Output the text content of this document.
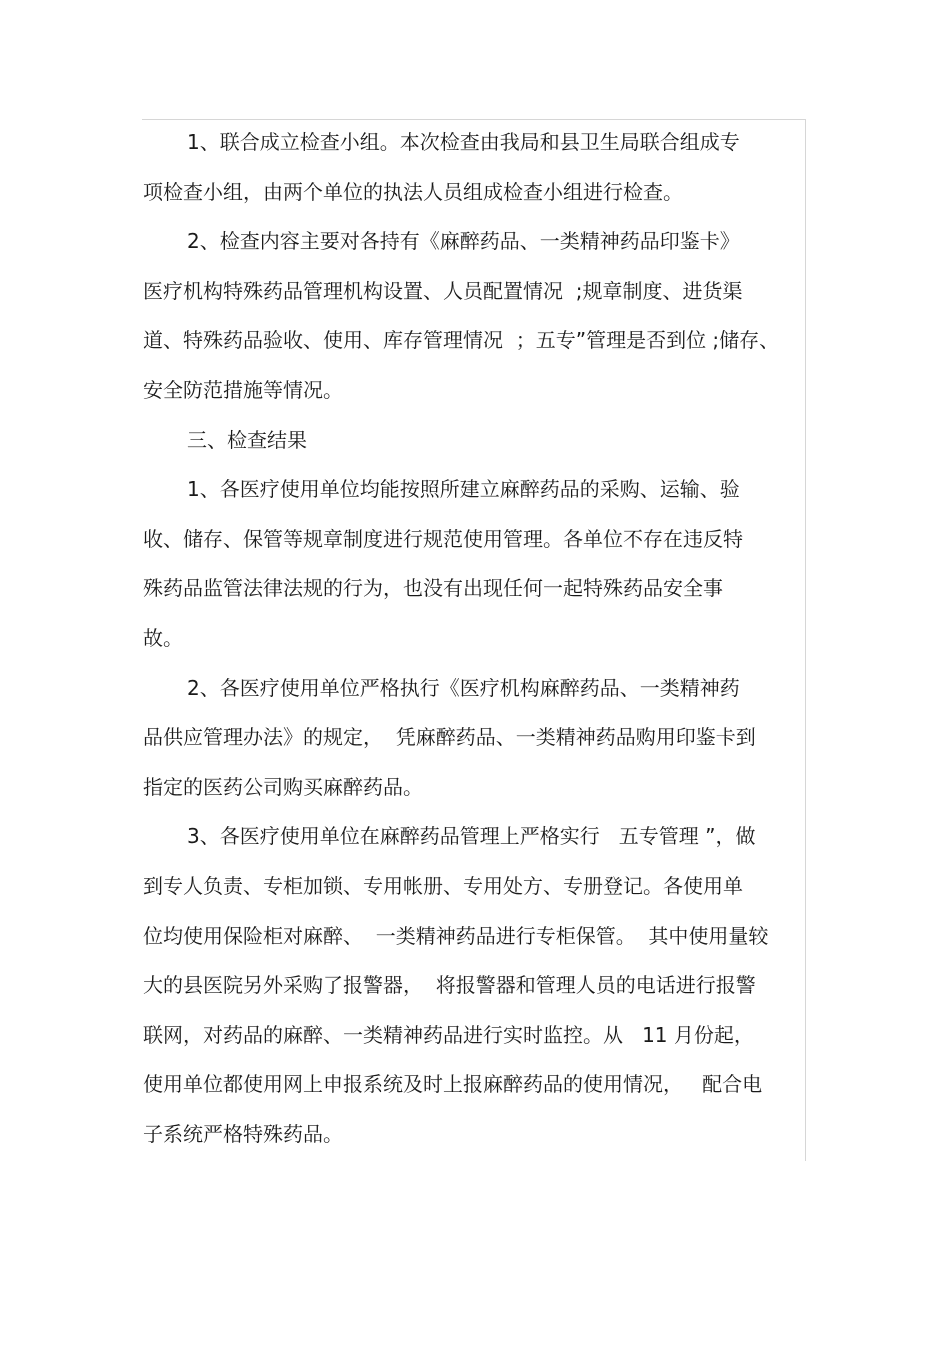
1、联合成立检查小组。本次检查由我局和县卫生局联合组成专
项检查小组，由两个单位的执法人员组成检查小组进行检查。
2、检查内容主要对各持有《麻醉药品、一类精神药品印鉴卡》
医疗机构特殊药品管理机构设置、人员配置情况  ;规章制度、进货渠
道、特殊药品验收、使用、库存管理情况  ；五专”管理是否到位 ;储存、
安全防范措施等情况。
三、检查结果
1、各医疗使用单位均能按照所建立麻醉药品的采购、运输、验
收、储存、保管等规章制度进行规范使用管理。各单位不存在违反特
殊药品监管法律法规的行为，也没有出现任何一起特殊药品安全事
故。
2、各医疗使用单位严格执行《医疗机构麻醉药品、一类精神药
品供应管理办法》的规定，  凭麻醉药品、一类精神药品购用印鉴卡到
指定的医药公司购买麻醉药品。
3、各医疗使用单位在麻醉药品管理上严格实行   五专管理 ”，做
到专人负责、专柜加锁、专用帐册、专用处方、专册登记。各使用单
位均使用保险柜对麻醉、  一类精神药品进行专柜保管。  其中使用量较
大的县医院另外采购了报警器，  将报警器和管理人员的电话进行报警
联网，对药品的麻醉、一类精神药品进行实时监控。从   11 月份起，
使用单位都使用网上申报系统及时上报麻醉药品的使用情况，   配合电
子系统严格特殊药品。
